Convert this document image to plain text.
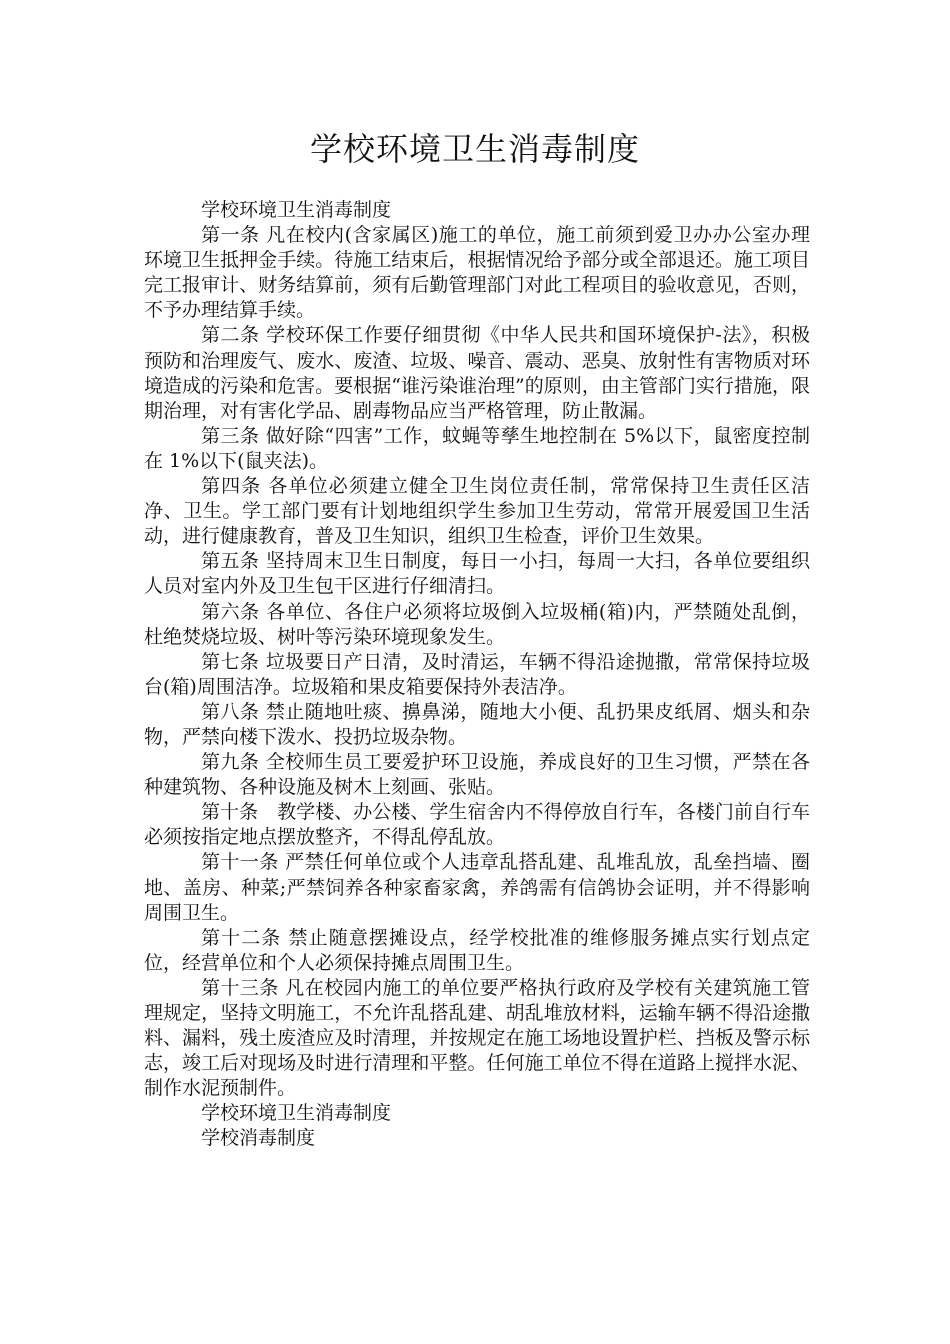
学校环境卫生消毒制度

学校环境卫生消毒制度

第一条 凡在校内(含家属区)施工的单位，施工前须到爱卫办办公室办理环境卫生抵押金手续。待施工结束后，根据情况给予部分或全部退还。施工项目完工报审计、财务结算前，须有后勤管理部门对此工程项目的验收意见，否则，不予办理结算手续。

第二条 学校环保工作要仔细贯彻《中华人民共和国环境保护-法》，积极预防和治理废气、废水、废渣、垃圾、噪音、震动、恶臭、放射性有害物质对环境造成的污染和危害。要根据“谁污染谁治理”的原则，由主管部门实行措施，限期治理，对有害化学品、剧毒物品应当严格管理，防止散漏。

第三条 做好除“四害”工作，蚊蝇等孳生地控制在 5%以下，鼠密度控制在 1%以下(鼠夹法)。

第四条 各单位必须建立健全卫生岗位责任制，常常保持卫生责任区洁净、卫生。学工部门要有计划地组织学生参加卫生劳动，常常开展爱国卫生活动，进行健康教育，普及卫生知识，组织卫生检查，评价卫生效果。

第五条 坚持周末卫生日制度，每日一小扫，每周一大扫，各单位要组织人员对室内外及卫生包干区进行仔细清扫。

第六条 各单位、各住户必须将垃圾倒入垃圾桶(箱)内，严禁随处乱倒，杜绝焚烧垃圾、树叶等污染环境现象发生。

第七条 垃圾要日产日清，及时清运，车辆不得沿途抛撒，常常保持垃圾台(箱)周围洁净。垃圾箱和果皮箱要保持外表洁净。

第八条 禁止随地吐痰、擤鼻涕，随地大小便、乱扔果皮纸屑、烟头和杂物，严禁向楼下泼水、投扔垃圾杂物。

第九条 全校师生员工要爱护环卫设施，养成良好的卫生习惯，严禁在各种建筑物、各种设施及树木上刻画、张贴。

第十条　教学楼、办公楼、学生宿舍内不得停放自行车，各楼门前自行车必须按指定地点摆放整齐，不得乱停乱放。

第十一条 严禁任何单位或个人违章乱搭乱建、乱堆乱放，乱垒挡墙、圈地、盖房、种菜;严禁饲养各种家畜家禽，养鸽需有信鸽协会证明，并不得影响周围卫生。

第十二条 禁止随意摆摊设点，经学校批准的维修服务摊点实行划点定位，经营单位和个人必须保持摊点周围卫生。

第十三条 凡在校园内施工的单位要严格执行政府及学校有关建筑施工管理规定，坚持文明施工，不允许乱搭乱建、胡乱堆放材料，运输车辆不得沿途撒料、漏料，残土废渣应及时清理，并按规定在施工场地设置护栏、挡板及警示标志，竣工后对现场及时进行清理和平整。任何施工单位不得在道路上搅拌水泥、制作水泥预制件。

学校环境卫生消毒制度

学校消毒制度
